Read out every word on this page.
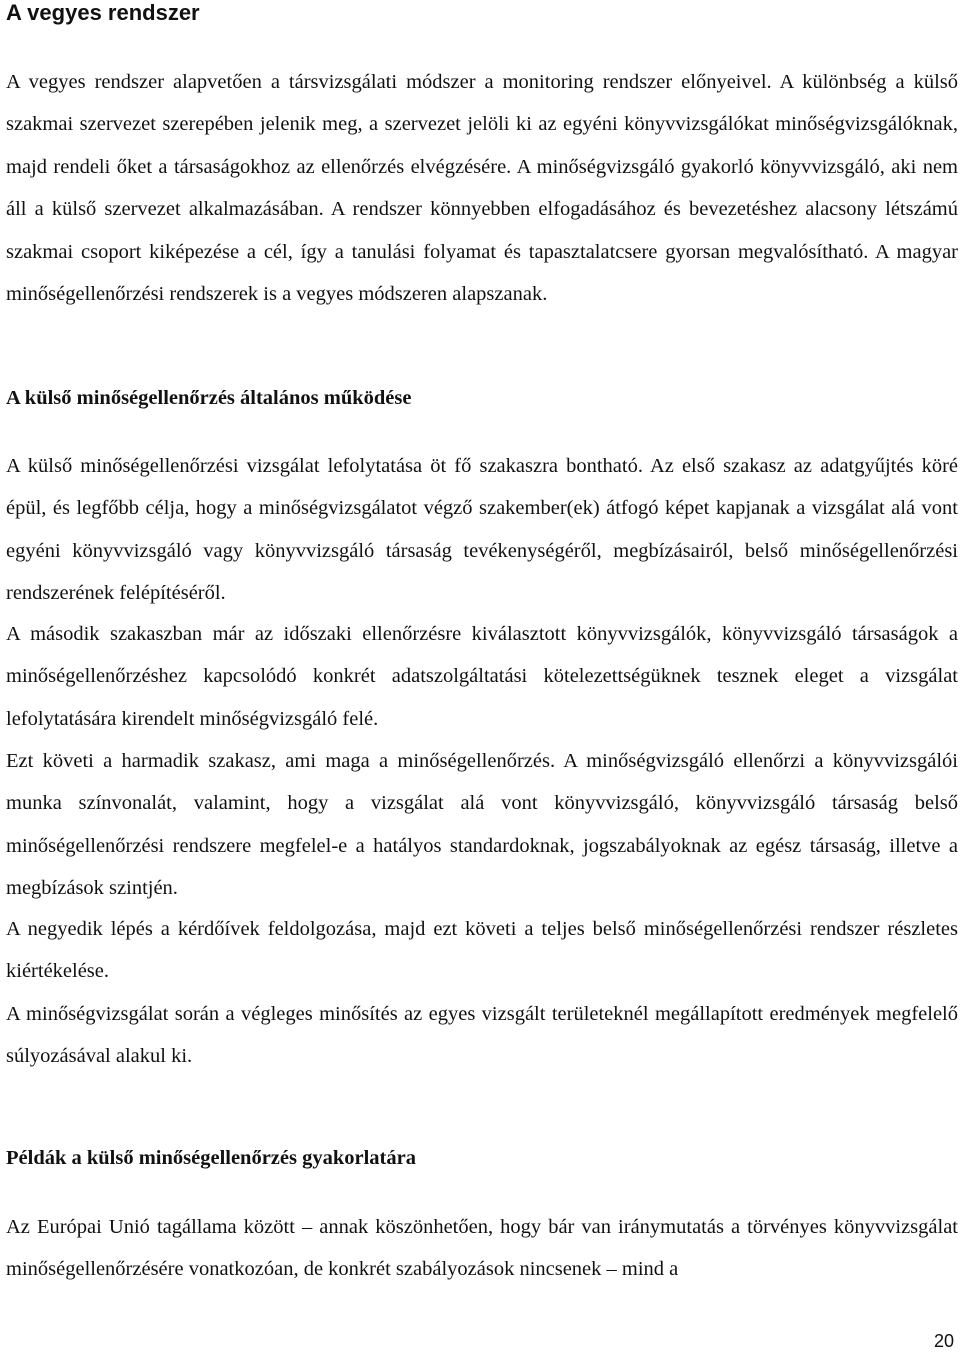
A vegyes rendszer

A vegyes rendszer alapvetően a társvizsgálati módszer a monitoring rendszer előnyeivel. A különbség a külső szakmai szervezet szerepében jelenik meg, a szervezet jelöli ki az egyéni könyvvizsgálókat minőségvizsgálóknak, majd rendeli őket a társaságokhoz az ellenőrzés elvégzésére. A minőségvizsgáló gyakorló könyvvizsgáló, aki nem áll a külső szervezet alkalmazásában. A rendszer könnyebben elfogadásához és bevezetéshez alacsony létszámú szakmai csoport kiképezése a cél, így a tanulási folyamat és tapasztalatcsere gyorsan megvalósítható. A magyar minőségellenőrzési rendszerek is a vegyes módszeren alapszanak.

A külső minőségellenőrzés általános működése

A külső minőségellenőrzési vizsgálat lefolytatása öt fő szakaszra bontható. Az első szakasz az adatgyűjtés köré épül, és legfőbb célja, hogy a minőségvizsgálatot végző szakember(ek) átfogó képet kapjanak a vizsgálat alá vont egyéni könyvvizsgáló vagy könyvvizsgáló társaság tevékenységéről, megbízásairól, belső minőségellenőrzési rendszerének felépítéséről.

A második szakaszban már az időszaki ellenőrzésre kiválasztott könyvvizsgálók, könyvvizsgáló társaságok a minőségellenőrzéshez kapcsolódó konkrét adatszolgáltatási kötelezettségüknek tesznek eleget a vizsgálat lefolytatására kirendelt minőségvizsgáló felé.

Ezt követi a harmadik szakasz, ami maga a minőségellenőrzés. A minőségvizsgáló ellenőrzi a könyvvizsgálói munka színvonalát, valamint, hogy a vizsgálat alá vont könyvvizsgáló, könyvvizsgáló társaság belső minőségellenőrzési rendszere megfelel-e a hatályos standardoknak, jogszabályoknak az egész társaság, illetve a megbízások szintjén.

A negyedik lépés a kérdőívek feldolgozása, majd ezt követi a teljes belső minőségellenőrzési rendszer részletes kiértékelése.

A minőségvizsgálat során a végleges minősítés az egyes vizsgált területeknél megállapított eredmények megfelelő súlyozásával alakul ki.

Példák a külső minőségellenőrzés gyakorlatára

Az Európai Unió tagállama között – annak köszönhetően, hogy bár van iránymutatás a törvényes könyvvizsgálat minőségellenőrzésére vonatkozóan, de konkrét szabályozások nincsenek – mind a

20
